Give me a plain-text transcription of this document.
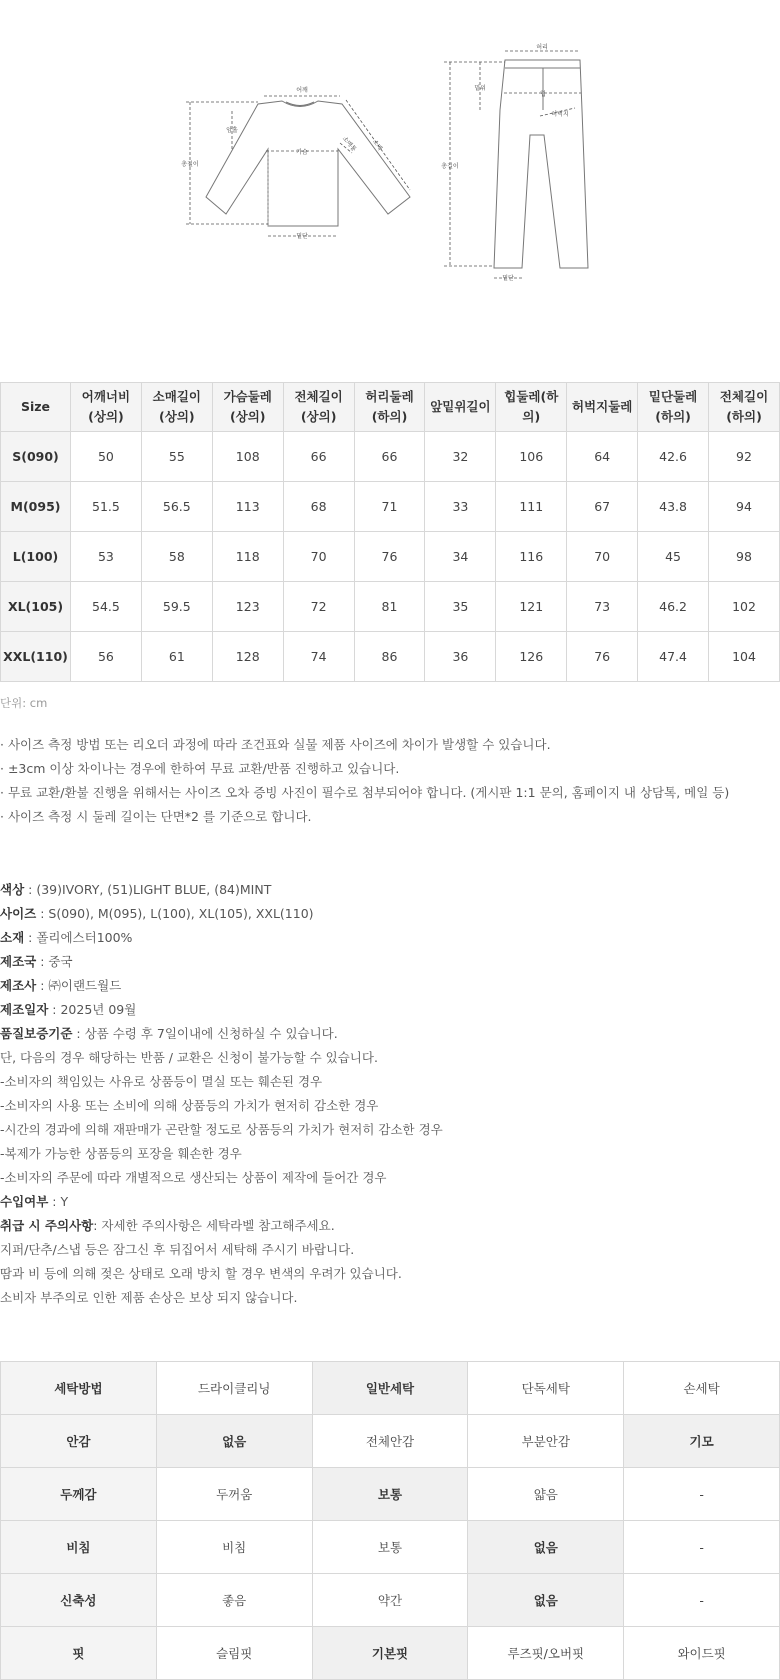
어깨
암홀
가슴	소매통 소매
총길이
밑단
허리
밑위
힙
허벅지
총길이
밑단
Size	어깨너비(상의)	소매길이(상의)	가슴둘레(상의)	전체길이(상의)	허리둘레(하의)	앞밑위길이	힙둘레(하의)	허벅지둘레	밑단둘레(하의)	전체길이(하의)
S(090)	50	55	108	66	66	32	106	64	42.6	92
M(095)	51.5	56.5	113	68	71	33	111	67	43.8	94
L(100)	53	58	118	70	76	34	116	70	45	98
XL(105)	54.5	59.5	123	72	81	35	121	73	46.2	102
XXL(110)	56	61	128	74	86	36	126	76	47.4	104
단위: cm
· 사이즈 측정 방법 또는 리오더 과정에 따라 조건표와 실물 제품 사이즈에 차이가 발생할 수 있습니다.
· ±3cm 이상 차이나는 경우에 한하여 무료 교환/반품 진행하고 있습니다.
· 무료 교환/환불 진행을 위해서는 사이즈 오차 증빙 사진이 필수로 첨부되어야 합니다. (게시판 1:1 문의, 홈페이지 내 상담톡, 메일 등)
· 사이즈 측정 시 둘레 길이는 단면*2 를 기준으로 합니다.
색상 : (39)IVORY, (51)LIGHT BLUE, (84)MINT
사이즈 : S(090), M(095), L(100), XL(105), XXL(110)
소재 : 폴리에스터100%
제조국 : 중국
제조사 : ㈜이랜드월드
제조일자 : 2025년 09월
품질보증기준 : 상품 수령 후 7일이내에 신청하실 수 있습니다.
단, 다음의 경우 해당하는 반품 / 교환은 신청이 불가능할 수 있습니다.
-소비자의 책임있는 사유로 상품등이 멸실 또는 훼손된 경우
-소비자의 사용 또는 소비에 의해 상품등의 가치가 현저히 감소한 경우
-시간의 경과에 의해 재판매가 곤란할 정도로 상품등의 가치가 현저히 감소한 경우
-복제가 가능한 상품등의 포장을 훼손한 경우
-소비자의 주문에 따라 개별적으로 생산되는 상품이 제작에 들어간 경우
수입여부 : Y
취급 시 주의사항: 자세한 주의사항은 세탁라벨 참고해주세요.
지퍼/단추/스냅 등은 잠그신 후 뒤집어서 세탁해 주시기 바랍니다.
땀과 비 등에 의해 젖은 상태로 오래 방치 할 경우 변색의 우려가 있습니다.
소비자 부주의로 인한 제품 손상은 보상 되지 않습니다.
세탁방법	드라이클리닝	일반세탁	단독세탁	손세탁
안감	없음	전체안감	부분안감	기모
두께감	두꺼움	보통	얇음	-
비침	비침	보통	없음	-
신축성	좋음	약간	없음	-
핏	슬림핏	기본핏	루즈핏/오버핏	와이드핏
